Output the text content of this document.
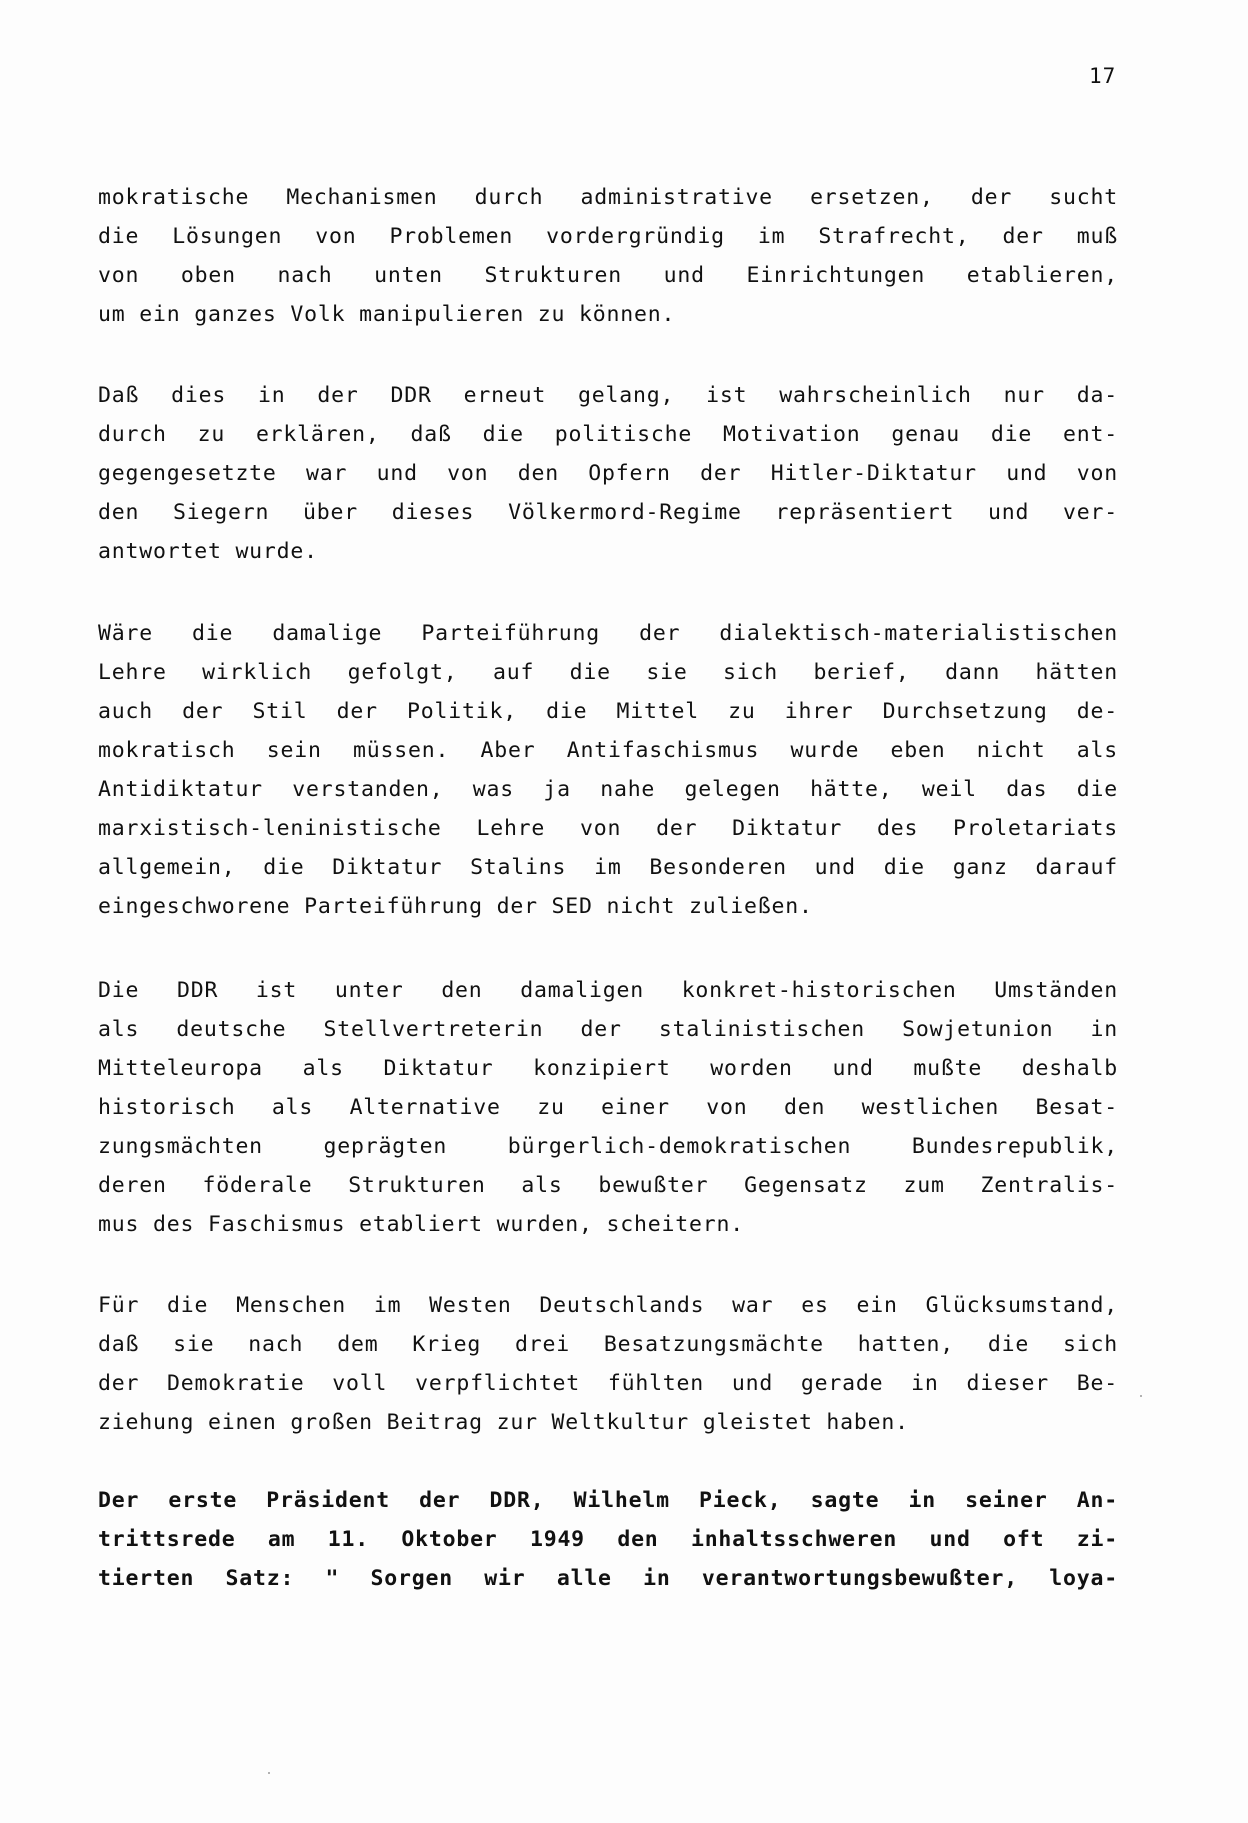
17
mokratische Mechanismen durch administrative ersetzen, der sucht
die Lösungen von Problemen vordergründig im Strafrecht, der muß
von oben nach unten Strukturen und Einrichtungen etablieren,
um ein ganzes Volk manipulieren zu können.
Daß dies in der DDR erneut gelang, ist wahrscheinlich nur da-
durch zu erklären, daß die politische Motivation genau die ent-
gegengesetzte war und von den Opfern der Hitler-Diktatur und von
den Siegern über dieses Völkermord-Regime repräsentiert und ver-
antwortet wurde.
Wäre die damalige Parteiführung der dialektisch-materialistischen
Lehre wirklich gefolgt, auf die sie sich berief, dann hätten
auch der Stil der Politik, die Mittel zu ihrer Durchsetzung de-
mokratisch sein müssen. Aber Antifaschismus wurde eben nicht als
Antidiktatur verstanden, was ja nahe gelegen hätte, weil das die
marxistisch-leninistische Lehre von der Diktatur des Proletariats
allgemein, die Diktatur Stalins im Besonderen und die ganz darauf
eingeschworene Parteiführung der SED nicht zuließen.
Die DDR ist unter den damaligen konkret-historischen Umständen
als deutsche Stellvertreterin der stalinistischen Sowjetunion in
Mitteleuropa als Diktatur konzipiert worden und mußte deshalb
historisch als Alternative zu einer von den westlichen Besat-
zungsmächten geprägten bürgerlich-demokratischen Bundesrepublik,
deren föderale Strukturen als bewußter Gegensatz zum Zentralis-
mus des Faschismus etabliert wurden, scheitern.
Für die Menschen im Westen Deutschlands war es ein Glücksumstand,
daß sie nach dem Krieg drei Besatzungsmächte hatten, die sich
der Demokratie voll verpflichtet fühlten und gerade in dieser Be-
ziehung einen großen Beitrag zur Weltkultur gleistet haben.
Der erste Präsident der DDR, Wilhelm Pieck, sagte in seiner An-
trittsrede am 11. Oktober 1949 den inhaltsschweren und oft zi-
tierten Satz: " Sorgen wir alle in verantwortungsbewußter, loya-
